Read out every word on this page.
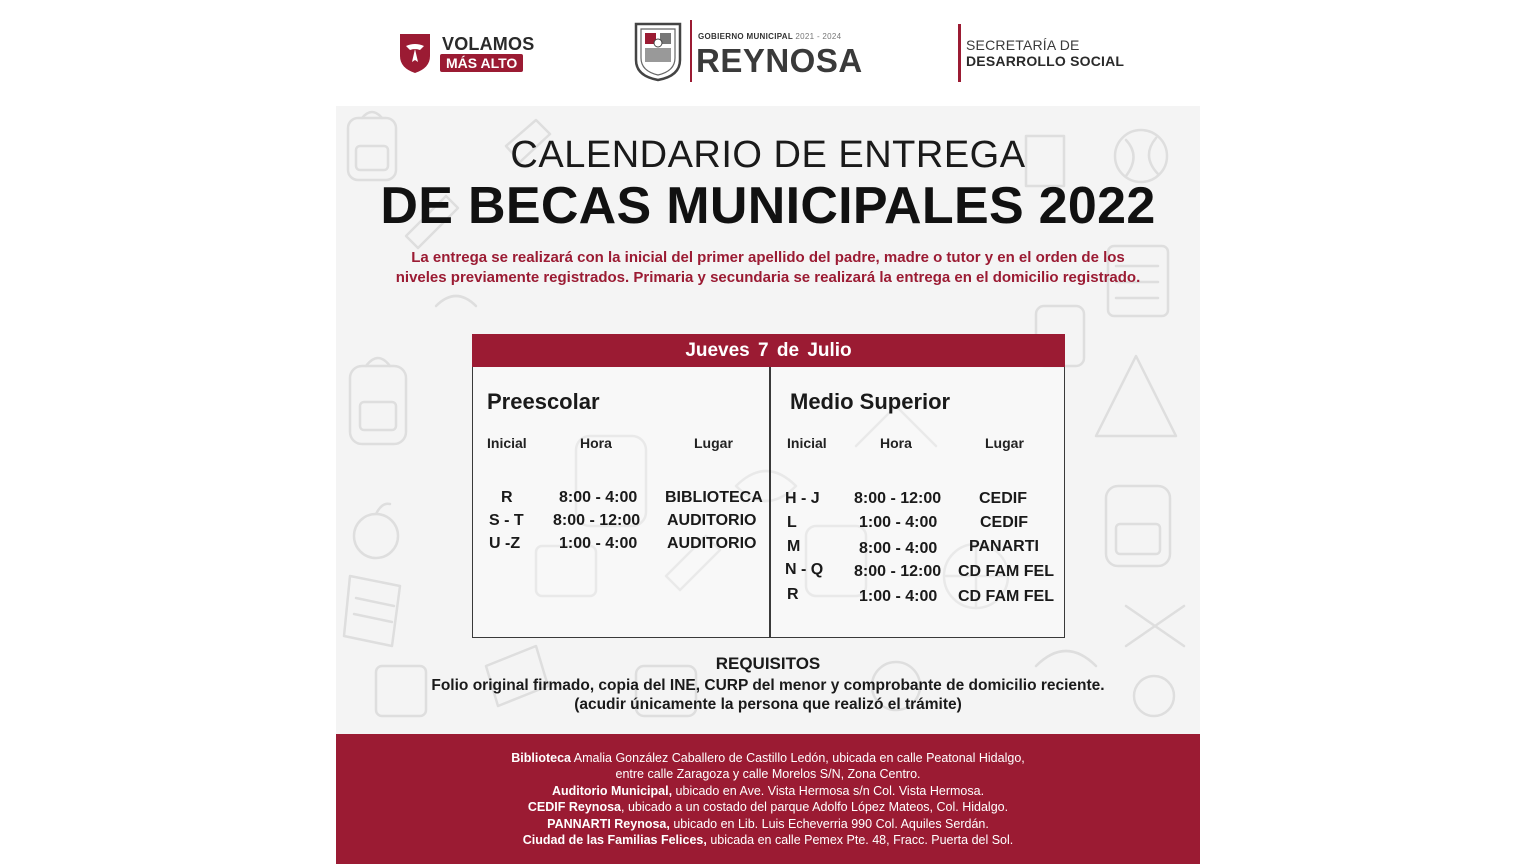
VOLAMOS
MÁS ALTO
GOBIERNO MUNICIPAL 2021 - 2024
REYNOSA	SECRETARÍA DE
DESARROLLO SOCIAL
CALENDARIO DE ENTREGA
DE BECAS MUNICIPALES 2022
La entrega se realizará con la inicial del primer apellido del padre, madre o tutor y en el orden de los
niveles previamente registrados. Primaria y secundaria se realizará la entrega en el domicilio registrado.
Jueves 7 de Julio
Preescolar
Inicial	Hora	Lugar
R	8:00 - 4:00 BIBLIOTECA
S - T 8:00 - 12:00 AUDITORIO
U -Z 1:00 - 4:00 AUDITORIO
Medio Superior
Inicial	Hora	Lugar
H - J 8:00 - 12:00 CEDIF
L	1:00 - 4:00	CEDIF
M	8:00 - 4:00 PANARTI
N - Q 8:00 - 12:00 CD FAM FEL
R	1:00 - 4:00 CD FAM FEL
REQUISITOS
Folio original firmado, copia del INE, CURP del menor y comprobante de domicilio reciente.
(acudir únicamente la persona que realizó el trámite)
Biblioteca Amalia González Caballero de Castillo Ledón, ubicada en calle Peatonal Hidalgo,
entre calle Zaragoza y calle Morelos S/N, Zona Centro.
Auditorio Municipal, ubicado en Ave. Vista Hermosa s/n Col. Vista Hermosa.
CEDIF Reynosa, ubicado a un costado del parque Adolfo López Mateos, Col. Hidalgo.
PANNARTI Reynosa, ubicado en Lib. Luis Echeverria 990 Col. Aquiles Serdán.
Ciudad de las Familias Felices, ubicada en calle Pemex Pte. 48, Fracc. Puerta del Sol.
